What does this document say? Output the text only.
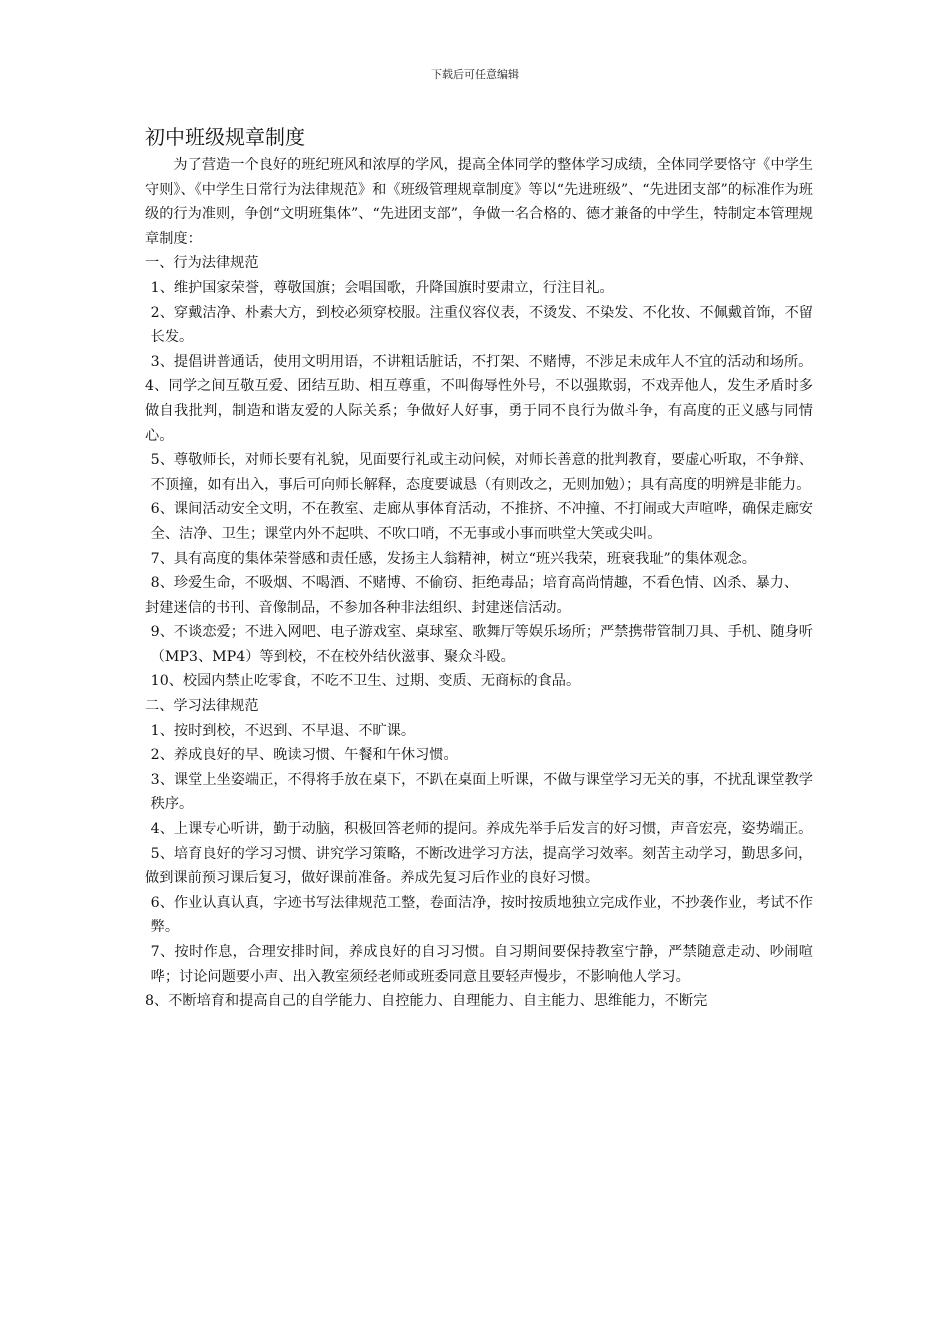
下载后可任意编辑
初中班级规章制度

为了营造一个良好的班纪班风和浓厚的学风，提高全体同学的整体学习成绩，全体同学要恪守《中学生守则》、《中学生日常行为法律规范》和《班级管理规章制度》等以“先进班级”、“先进团支部”的标准作为班级的行为准则，争创“文明班集体”、“先进团支部”，争做一名合格的、德才兼备的中学生，特制定本管理规章制度：

一、行为法律规范

1、维护国家荣誉，尊敬国旗；会唱国歌，升降国旗时要肃立，行注目礼。

2、穿戴洁净、朴素大方，到校必须穿校服。注重仪容仪表，不烫发、不染发、不化妆、不佩戴首饰，不留长发。

3、提倡讲普通话，使用文明用语，不讲粗话脏话，不打架、不赌博，不涉足未成年人不宜的活动和场所。

4、同学之间互敬互爱、团结互助、相互尊重，不叫侮辱性外号，不以强欺弱，不戏弄他人，发生矛盾时多做自我批判，制造和谐友爱的人际关系；争做好人好事，勇于同不良行为做斗争，有高度的正义感与同情心。

5、尊敬师长，对师长要有礼貌，见面要行礼或主动问候，对师长善意的批判教育，要虚心听取，不争辩、不顶撞，如有出入，事后可向师长解释，态度要诚恳（有则改之，无则加勉）；具有高度的明辨是非能力。

6、课间活动安全文明，不在教室、走廊从事体育活动，不推挤、不冲撞、不打闹或大声喧哗，确保走廊安全、洁净、卫生；课堂内外不起哄、不吹口哨，不无事或小事而哄堂大笑或尖叫。

7、具有高度的集体荣誉感和责任感，发扬主人翁精神，树立“班兴我荣，班衰我耻”的集体观念。

8、珍爱生命，不吸烟、不喝酒、不赌博、不偷窃、拒绝毒品；培育高尚情趣，不看色情、凶杀、暴力、

封建迷信的书刊、音像制品，不参加各种非法组织、封建迷信活动。

9、不谈恋爱；不进入网吧、电子游戏室、桌球室、歌舞厅等娱乐场所；严禁携带管制刀具、手机、随身听（MP3、MP4）等到校，不在校外结伙滋事、聚众斗殴。

10、校园内禁止吃零食，不吃不卫生、过期、变质、无商标的食品。

二、学习法律规范

1、按时到校，不迟到、不早退、不旷课。

2、养成良好的早、晚读习惯、午餐和午休习惯。

3、课堂上坐姿端正，不得将手放在桌下，不趴在桌面上听课，不做与课堂学习无关的事，不扰乱课堂教学秩序。

4、上课专心听讲，勤于动脑，积极回答老师的提问。养成先举手后发言的好习惯，声音宏亮，姿势端正。

5、培育良好的学习习惯、讲究学习策略，不断改进学习方法，提高学习效率。刻苦主动学习，勤思多问，

做到课前预习课后复习，做好课前准备。养成先复习后作业的良好习惯。

6、作业认真认真，字迹书写法律规范工整，卷面洁净，按时按质地独立完成作业，不抄袭作业，考试不作弊。

7、按时作息，合理安排时间，养成良好的自习习惯。自习期间要保持教室宁静，严禁随意走动、吵闹喧哗；讨论问题要小声、出入教室须经老师或班委同意且要轻声慢步，不影响他人学习。

8、不断培育和提高自己的自学能力、自控能力、自理能力、自主能力、思维能力，不断完
